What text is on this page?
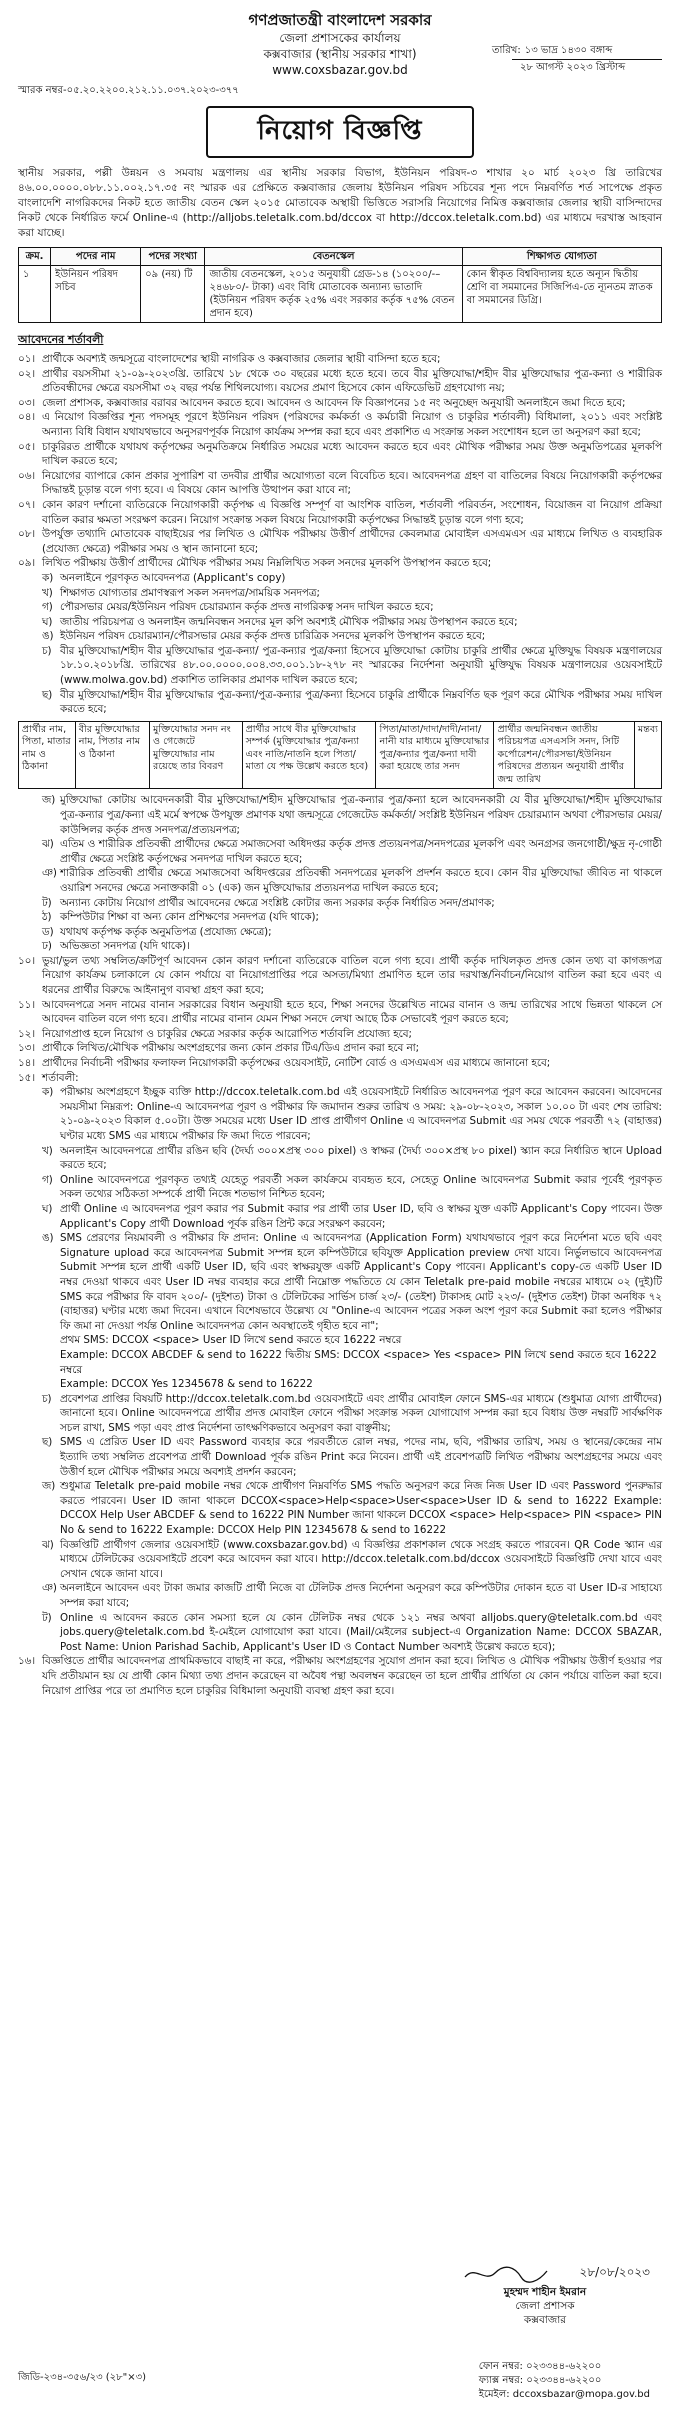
গণপ্রজাতন্ত্রী বাংলাদেশ সরকার
জেলা প্রশাসকের কার্যালয়
কক্সবাজার (স্থানীয় সরকার শাখা)
www.coxsbazar.gov.bd
তারিখ: ১৩ ভাদ্র ১৪৩০ বঙ্গাব্দ
২৮ আগস্ট ২০২৩ খ্রিস্টাব্দ
স্মারক নম্বর-০৫.২০.২২০০.২১২.১১.০৩৭.২০২৩-৩৭৭
নিয়োগ বিজ্ঞপ্তি

স্থানীয় সরকার, পল্লী উন্নয়ন ও সমবায় মন্ত্রণালয় এর স্থানীয় সরকার বিভাগ, ইউনিয়ন পরিষদ-৩ শাখার ২০ মার্চ ২০২৩ খ্রি তারিখের ৪৬.০০.০০০০.০৮৮.১১.০০২.১৭.৩৫ নং স্মারক এর প্রেক্ষিতে কক্সবাজার জেলায় ইউনিয়ন পরিষদ সচিবের শূন্য পদে নিম্নবর্ণিত শর্ত সাপেক্ষে প্রকৃত বাংলাদেশি নাগরিকদের নিকট হতে জাতীয় বেতন স্কেল ২০১৫ মোতাবেক অস্থায়ী ভিত্তিতে সরাসরি নিয়োগের নিমিত্ত কক্সবাজার জেলার স্থায়ী বাসিন্দাদের নিকট থেকে নির্ধারিত ফর্মে Online-এ (http://alljobs.teletalk.com.bd/dccox বা http://dccox.teletalk.com.bd) এর মাধ্যমে দরখাস্ত আহবান করা যাচ্ছে।

ক্রম.	পদের নাম	পদের সংখ্যা	বেতনস্কেল	শিক্ষাগত যোগ্যতা
১	ইউনিয়ন পরিষদ সচিব	০৯ (নয়) টি	জাতীয় বেতনস্কেল, ২০১৫ অনুযায়ী গ্রেড-১৪ (১০২০০/-–২৪৬৮০/- টাকা) এবং বিধি মোতাবেক অন্যান্য ভাতাদি (ইউনিয়ন পরিষদ কর্তৃক ২৫% এবং সরকার কর্তৃক ৭৫% বেতন প্রদান হবে)	কোন স্বীকৃত বিশ্ববিদ্যালয় হতে অন্যূন দ্বিতীয় শ্রেণি বা সমমানের সিজিপিএ-তে ন্যূনতম স্নাতক বা সমমানের ডিগ্রি।
আবেদনের শর্তাবলী
০১। প্রার্থীকে অবশ্যই জন্মসূত্রে বাংলাদেশের স্থায়ী নাগরিক ও কক্সবাজার জেলার স্থায়ী বাসিন্দা হতে হবে;
০২। প্রার্থীর বয়সসীমা ২১-০৯-২০২৩খ্রি. তারিখে ১৮ থেকে ৩০ বছরের মধ্যে হতে হবে। তবে বীর মুক্তিযোদ্ধা/শহীদ বীর মুক্তিযোদ্ধার পুত্র-কন্যা ও শারীরিক প্রতিবন্ধীদের ক্ষেত্রে বয়সসীমা ৩২ বছর পর্যন্ত শিথিলযোগ্য। বয়সের প্রমাণ হিসেবে কোন এফিডেভিট গ্রহণযোগ্য নয়;
০৩। জেলা প্রশাসক, কক্সবাজার বরাবর আবেদন করতে হবে। আবেদন ও আবেদন ফি বিজ্ঞাপনের ১৫ নং অনুচ্ছেদ অনুযায়ী অনলাইনে জমা দিতে হবে;
০৪। এ নিয়োগ বিজ্ঞপ্তির শূন্য পদসমূহ পূরণে ইউনিয়ন পরিষদ (পরিষদের কর্মকর্তা ও কর্মচারী নিয়োগ ও চাকুরির শর্তাবলী) বিধিমালা, ২০১১ এবং সংশ্লিষ্ট অন্যান্য বিধি বিধান যথাযথভাবে অনুসরণপূর্বক নিয়োগ কার্যক্রম সম্পন্ন করা হবে এবং প্রকাশিত এ সংক্রান্ত সকল সংশোধন হলে তা অনুসরণ করা হবে;
০৫। চাকুরিরত প্রার্থীকে যথাযথ কর্তৃপক্ষের অনুমতিক্রমে নির্ধারিত সময়ের মধ্যে আবেদন করতে হবে এবং মৌখিক পরীক্ষার সময় উক্ত অনুমতিপত্রের মূলকপি দাখিল করতে হবে;
০৬। নিয়োগের ব্যাপারে কোন প্রকার সুপারিশ বা তদবীর প্রার্থীর অযোগ্যতা বলে বিবেচিত হবে। আবেদনপত্র গ্রহণ বা বাতিলের বিষয়ে নিয়োগকারী কর্তৃপক্ষের সিদ্ধান্তই চূড়ান্ত বলে গণ্য হবে। এ বিষয়ে কোন আপত্তি উত্থাপন করা যাবে না;
০৭। কোন কারণ দর্শানো ব্যতিরেকে নিয়োগকারী কর্তৃপক্ষ এ বিজ্ঞপ্তি সম্পূর্ণ বা আংশিক বাতিল, শর্তাবলী পরিবর্তন, সংশোধন, বিয়োজন বা নিয়োগ প্রক্রিয়া বাতিল করার ক্ষমতা সংরক্ষণ করেন। নিয়োগ সংক্রান্ত সকল বিষয়ে নিয়োগকারী কর্তৃপক্ষের সিদ্ধান্তই চূড়ান্ত বলে গণ্য হবে;
০৮। উপর্যুক্ত তথ্যাদি মোতাবেক বাছাইয়ের পর লিখিত ও মৌখিক পরীক্ষায় উত্তীর্ণ প্রার্থীদের কেবলমাত্র মোবাইল এসএমএস এর মাধ্যমে লিখিত ও ব্যবহারিক (প্রযোজ্য ক্ষেত্রে) পরীক্ষার সময় ও স্থান জানানো হবে;
০৯। লিখিত পরীক্ষায় উত্তীর্ণ প্রার্থীদের মৌখিক পরীক্ষার সময় নিম্নলিখিত সকল সনদের মূলকপি উপস্থাপন করতে হবে;
ক) অনলাইনে পূরণকৃত আবেদনপত্র (Applicant's copy)
খ) শিক্ষাগত যোগ্যতার প্রমাণস্বরূপ সকল সনদপত্র/সাময়িক সনদপত্র;
গ) পৌরসভার মেয়র/ইউনিয়ন পরিষদ চেয়ারম্যান কর্তৃক প্রদত্ত নাগরিকত্ব সনদ দাখিল করতে হবে;
ঘ) জাতীয় পরিচয়পত্র ও অনলাইন জন্মনিবন্ধন সনদের মূল কপি অবশ্যই মৌখিক পরীক্ষার সময় উপস্থাপন করতে হবে;
ঙ) ইউনিয়ন পরিষদ চেয়ারম্যান/পৌরসভার মেয়র কর্তৃক প্রদত্ত চারিত্রিক সনদের মূলকপি উপস্থাপন করতে হবে;
চ) বীর মুক্তিযোদ্ধা/শহীদ বীর মুক্তিযোদ্ধার পুত্র-কন্যা/ পুত্র-কন্যার পুত্র/কন্যা হিসেবে মুক্তিযোদ্ধা কোটায় চাকুরি প্রার্থীর ক্ষেত্রে মুক্তিযুদ্ধ বিষয়ক মন্ত্রণালয়ের ১৮.১০.২০১৮খ্রি. তারিখের ৪৮.০০.০০০০.০০৪.৩৩.০০১.১৮-২৭৮ নং স্মারকের নির্দেশনা অনুযায়ী মুক্তিযুদ্ধ বিষয়ক মন্ত্রণালয়ের ওয়েবসাইটে (www.molwa.gov.bd) প্রকাশিত তালিকার প্রমাণক দাখিল করতে হবে;
ছ) বীর মুক্তিযোদ্ধা/শহীদ বীর মুক্তিযোদ্ধার পুত্র-কন্যা/পুত্র-কন্যার পুত্র/কন্যা হিসেবে চাকুরি প্রার্থীকে নিম্নবর্ণিত ছক পূরণ করে মৌখিক পরীক্ষার সময় দাখিল করতে হবে;
প্রার্থীর নাম, পিতা, মাতার নাম ও ঠিকানা	বীর মুক্তিযোদ্ধার নাম, পিতার নাম ও ঠিকানা	মুক্তিযোদ্ধার সনদ নং ও গেজেটে মুক্তিযোদ্ধার নাম রয়েছে তার বিবরণ	প্রার্থীর সাথে বীর মুক্তিযোদ্ধার সম্পর্ক (মুক্তিযোদ্ধার পুত্র/কন্যা এবং নাতি/নাতনি হলে পিতা/মাতা যে পক্ষ উল্লেখ করতে হবে)	পিতা/মাতা/দাদা/দাদী/নানা/নানী যার মাধ্যমে মুক্তিযোদ্ধার পুত্র/কন্যার পুত্র/কন্যা দাবী করা হয়েছে তার সনদ	প্রার্থীর জন্মনিবন্ধন জাতীয় পরিচয়পত্র এসএসসি সনদ, সিটি কর্পোরেশন/পৌরসভা/ইউনিয়ন পরিষদের প্রত্যয়ন অনুযায়ী প্রার্থীর জন্ম তারিখ	মন্তব্য
জ) মুক্তিযোদ্ধা কোটায় আবেদনকারী বীর মুক্তিযোদ্ধা/শহীদ মুক্তিযোদ্ধার পুত্র-কন্যার পুত্র/কন্যা হলে আবেদনকারী যে বীর মুক্তিযোদ্ধা/শহীদ মুক্তিযোদ্ধার পুত্র-কন্যার পুত্র/কন্যা এই মর্মে স্বপক্ষে উপযুক্ত প্রমাণক যথা জন্মসূত্রে গেজেটেড কর্মকর্তা/ সংশ্লিষ্ট ইউনিয়ন পরিষদ চেয়ারম্যান অথবা পৌরসভার মেয়র/কাউন্সিলর কর্তৃক প্রদত্ত সনদপত্র/প্রত্যয়নপত্র;
ঝ) এতিম ও শারীরিক প্রতিবন্ধী প্রার্থীদের ক্ষেত্রে সমাজসেবা অধিদপ্তর কর্তৃক প্রদত্ত প্রত্যয়নপত্র/সনদপত্রের মূলকপি এবং অনগ্রসর জনগোষ্ঠী/ক্ষুদ্র নৃ-গোষ্ঠী প্রার্থীর ক্ষেত্রে সংশ্লিষ্ট কর্তৃপক্ষের সনদপত্র দাখিল করতে হবে;
ঞ) শারীরিক প্রতিবন্ধী প্রার্থীর ক্ষেত্রে সমাজসেবা অধিদপ্তরের প্রতিবন্ধী সনদপত্রের মূলকপি প্রদর্শন করতে হবে। কোন বীর মুক্তিযোদ্ধা জীবিত না থাকলে ওয়ারিশ সনদের ক্ষেত্রে সনাক্তকারী ০১ (এক) জন মুক্তিযোদ্ধার প্রত্যয়নপত্র দাখিল করতে হবে;
ট) অন্যান্য কোটায় নিয়োগ প্রার্থীর আবেদনের ক্ষেত্রে সংশ্লিষ্ট কোটার জন্য সরকার কর্তৃক নির্ধারিত সনদ/প্রমাণক;
ঠ) কম্পিউটার শিক্ষা বা অন্য কোন প্রশিক্ষণের সনদপত্র (যদি থাকে);
ড) যথাযথ কর্তৃপক্ষ কর্তৃক অনুমতিপত্র (প্রযোজ্য ক্ষেত্রে);
ঢ) অভিজ্ঞতা সনদপত্র (যদি থাকে)।
১০। ভুয়া/ভুল তথ্য সম্বলিত/ক্রটিপূর্ণ আবেদন কোন কারণ দর্শানো ব্যতিরেকে বাতিল বলে গণ্য হবে। প্রার্থী কর্তৃক দাখিলকৃত প্রদত্ত কোন তথ্য বা কাগজপত্র নিয়োগ কার্যক্রম চলাকালে যে কোন পর্যায়ে বা নিয়োগপ্রাপ্তির পরে অসত্য/মিথ্যা প্রমাণিত হলে তার দরখাস্ত/নির্বাচন/নিয়োগ বাতিল করা হবে এবং এ ধরনের প্রার্থীর বিরুদ্ধে আইনানুগ ব্যবস্থা গ্রহণ করা হবে;
১১। আবেদনপত্রে সনদ নামের বানান সরকারের বিধান অনুযায়ী হতে হবে, শিক্ষা সনদের উল্লেখিত নামের বানান ও জন্ম তারিখের সাথে ভিন্নতা থাকলে সে আবেদন বাতিল বলে গণ্য হবে। প্রার্থীর নামের বানান যেমন শিক্ষা সনদে লেখা আছে ঠিক সেভাবেই পূরণ করতে হবে;
১২। নিয়োগপ্রাপ্ত হলে নিয়োগ ও চাকুরির ক্ষেত্রে সরকার কর্তৃক আরোপিত শর্তাবলি প্রযোজ্য হবে;
১৩। প্রার্থীকে লিখিত/মৌখিক পরীক্ষায় অংশগ্রহণের জন্য কোন প্রকার টিএ/ডিএ প্রদান করা হবে না;
১৪। প্রার্থীদের নির্বাচনী পরীক্ষার ফলাফল নিয়োগকারী কর্তৃপক্ষের ওয়েবসাইট, নোটিশ বোর্ড ও এসএমএস এর মাধ্যমে জানানো হবে;
১৫। শর্তাবলী:
ক) পরীক্ষায় অংশগ্রহণে ইচ্ছুক ব্যক্তি http://dccox.teletalk.com.bd এই ওয়েবসাইটে নির্ধারিত আবেদনপত্র পূরণ করে আবেদন করবেন। আবেদনের সময়সীমা নিম্নরূপ: Online-এ আবেদনপত্র পূরণ ও পরীক্ষার ফি জমাদান শুরুর তারিখ ও সময়: ২৯-০৮-২০২৩, সকাল ১০.০০ টা এবং শেষ তারিখ: ২১-০৯-২০২৩ বিকাল ৫.০০টা। উক্ত সময়ের মধ্যে User ID প্রাপ্ত প্রার্থীগণ Online এ আবেদনপত্র Submit এর সময় থেকে পরবর্তী ৭২ (বাহাত্তর) ঘণ্টার মধ্যে SMS এর মাধ্যমে পরীক্ষার ফি জমা দিতে পারবেন;
খ) অনলাইন আবেদনপত্রে প্রার্থীর রঙিন ছবি (দৈর্ঘ্য ৩০০×প্রস্থ ৩০০ pixel) ও স্বাক্ষর (দৈর্ঘ্য ৩০০×প্রস্থ ৮০ pixel) স্ক্যান করে নির্ধারিত স্থানে Upload করতে হবে;
গ) Online আবেদনপত্রে পূরণকৃত তথ্যই যেহেতু পরবর্তী সকল কার্যক্রমে ব্যবহৃত হবে, সেহেতু Online আবেদনপত্র Submit করার পূর্বেই পূরণকৃত সকল তথ্যের সঠিকতা সম্পর্কে প্রার্থী নিজে শতভাগ নিশ্চিত হবেন;
ঘ) প্রার্থী Online এ আবেদনপত্র পূরণ করার পর Submit করার পর প্রার্থী তার User ID, ছবি ও স্বাক্ষর যুক্ত একটি Applicant's Copy পাবেন। উক্ত Applicant's Copy প্রার্থী Download পূর্বক রঙিন প্রিন্ট করে সংরক্ষণ করবেন;
ঙ) SMS প্রেরণের নিয়মাবলী ও পরীক্ষার ফি প্রদান: Online এ আবেদনপত্র (Application Form) যথাযথভাবে পূরণ করে নির্দেশনা মতে ছবি এবং Signature upload করে আবেদনপত্র Submit সম্পন্ন হলে কম্পিউটারে ছবিযুক্ত Application preview দেখা যাবে। নির্ভুলভাবে আবেদনপত্র Submit সম্পন্ন হলে প্রার্থী একটি User ID, ছবি এবং স্বাক্ষরযুক্ত একটি Applicant's Copy পাবেন। Applicant's copy-তে একটি User ID নম্বর দেওয়া থাকবে এবং User ID নম্বর ব্যবহার করে প্রার্থী নিম্নোক্ত পদ্ধতিতে যে কোন Teletalk pre-paid mobile নম্বরের মাধ্যমে ০২ (দুই)টি SMS করে পরীক্ষার ফি বাবদ ২০০/- (দুইশত) টাকা ও টেলিটকের সার্ভিস চার্জ ২৩/- (তেইশ) টাকাসহ মোট ২২৩/- (দুইশত তেইশ) টাকা অনধিক ৭২ (বাহাত্তর) ঘণ্টার মধ্যে জমা দিবেন। এখানে বিশেষভাবে উল্লেখ্য যে "Online-এ আবেদন পত্রের সকল অংশ পূরণ করে Submit করা হলেও পরীক্ষার ফি জমা না দেওয়া পর্যন্ত Online আবেদনপত্র কোন অবস্থাতেই গৃহীত হবে না";
প্রথম SMS: DCCOX <space> User ID লিখে send করতে হবে 16222 নম্বরে
Example: DCCOX ABCDEF & send to 16222 দ্বিতীয় SMS: DCCOX <space> Yes <space> PIN লিখে send করতে হবে 16222 নম্বরে
Example: DCCOX Yes 12345678 & send to 16222
চ) প্রবেশপত্র প্রাপ্তির বিষয়টি http://dccox.teletalk.com.bd ওয়েবসাইটে এবং প্রার্থীর মোবাইল ফোনে SMS-এর মাধ্যমে (শুধুমাত্র যোগ্য প্রার্থীদের) জানানো হবে। Online আবেদনপত্রে প্রার্থীর প্রদত্ত মোবাইল ফোনে পরীক্ষা সংক্রান্ত সকল যোগাযোগ সম্পন্ন করা হবে বিধায় উক্ত নম্বরটি সার্বক্ষণিক সচল রাখা, SMS পড়া এবং প্রাপ্ত নির্দেশনা তাৎক্ষণিকভাবে অনুসরণ করা বাঞ্ছনীয়;
ছ) SMS এ প্রেরিত User ID এবং Password ব্যবহার করে পরবর্তীতে রোল নম্বর, পদের নাম, ছবি, পরীক্ষার তারিখ, সময় ও স্থানের/কেন্দ্রের নাম ইত্যাদি তথ্য সম্বলিত প্রবেশপত্র প্রার্থী Download পূর্বক রঙিন Print করে নিবেন। প্রার্থী এই প্রবেশপত্রটি লিখিত পরীক্ষায় অংশগ্রহণের সময়ে এবং উত্তীর্ণ হলে মৌখিক পরীক্ষার সময়ে অবশ্যই প্রদর্শন করবেন;
জ) শুধুমাত্র Teletalk pre-paid mobile নম্বর থেকে প্রার্থীগণ নিম্নবর্ণিত SMS পদ্ধতি অনুসরণ করে নিজ নিজ User ID এবং Password পুনরুদ্ধার করতে পারবেন। User ID জানা থাকলে DCCOX<space>Help<space>User<space>User ID & send to 16222 Example: DCCOX Help User ABCDEF & send to 16222 PIN Number জানা থাকলে DCCOX <space> Help<space> PIN <space> PIN No & send to 16222 Example: DCCOX Help PIN 12345678 & send to 16222
ঝ) বিজ্ঞপ্তিটি প্রার্থীগণ জেলার ওয়েবসাইট (www.coxsbazar.gov.bd) এ বিজ্ঞপ্তির প্রকাশকাল থেকে সংগ্রহ করতে পারবেন। QR Code স্ক্যান এর মাধ্যমে টেলিটকের ওয়েবসাইটে প্রবেশ করে আবেদন করা যাবে। http://dccox.teletalk.com.bd/dccox ওয়েবসাইটে বিজ্ঞপ্তিটি দেখা যাবে এবং সেখান থেকে জানা যাবে।
ঞ) অনলাইনে আবেদন এবং টাকা জমার কাজটি প্রার্থী নিজে বা টেলিটক প্রদত্ত নির্দেশনা অনুসরণ করে কম্পিউটার দোকান হতে বা User ID-র সাহায্যে সম্পন্ন করা যাবে;
ট) Online এ আবেদন করতে কোন সমস্যা হলে যে কোন টেলিটক নম্বর থেকে ১২১ নম্বর অথবা alljobs.query@teletalk.com.bd এবং jobs.query@teletalk.com.bd ই-মেইলে যোগাযোগ করা যাবে। (Mail/মেইলের subject-এ Organization Name: DCCOX SBAZAR, Post Name: Union Parishad Sachib, Applicant's User ID ও Contact Number অবশ্যই উল্লেখ করতে হবে);
১৬। বিজ্ঞপ্তিতে প্রার্থীর আবেদনপত্র প্রাথমিকভাবে বাছাই না করে, পরীক্ষায় অংশগ্রহণের সুযোগ প্রদান করা হবে। লিখিত ও মৌখিক পরীক্ষায় উত্তীর্ণ হওয়ার পর যদি প্রতীয়মান হয় যে প্রার্থী কোন মিথ্যা তথ্য প্রদান করেছেন বা অবৈধ পন্থা অবলম্বন করেছেন তা হলে প্রার্থীর প্রার্থিতা যে কোন পর্যায়ে বাতিল করা হবে। নিয়োগ প্রাপ্তির পরে তা প্রমাণিত হলে চাকুরির বিধিমালা অনুযায়ী ব্যবস্থা গ্রহণ করা হবে।
২৮/০৮/২০২৩
মুহম্মদ শাহীন ইমরান
জেলা প্রশাসক
কক্সবাজার
জিডি-২৩৪-৩৫৬/২৩ (২৮"×৩)
ফোন নম্বর: ০২৩৩৪৪-৬২২০০
ফ্যাক্স নম্বর: ০২৩৩৪৪-৬২২০০
ইমেইল: dccoxsbazar@mopa.gov.bd
